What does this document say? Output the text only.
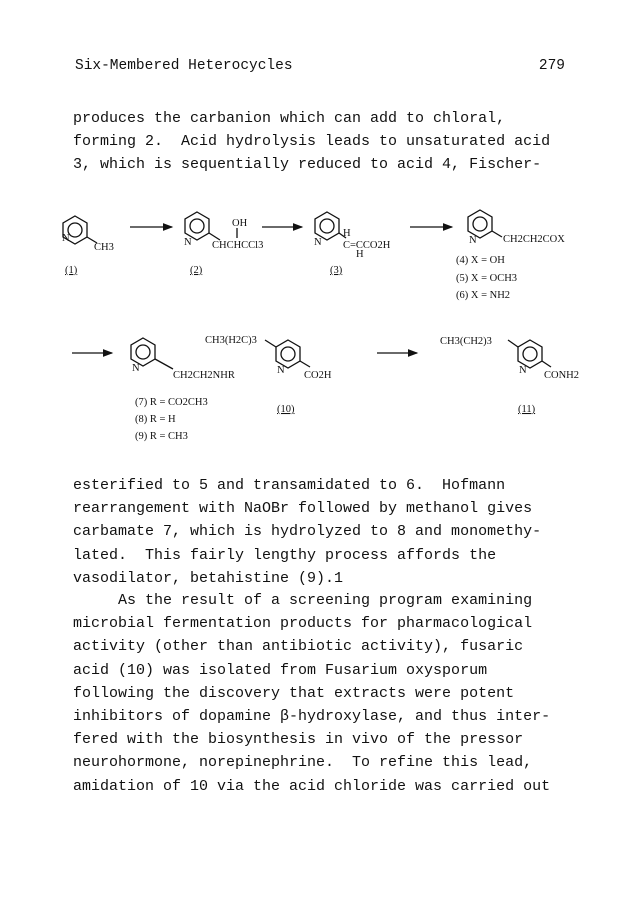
Six-Membered Heterocycles	279
produces the carbanion which can add to chloral,
forming 2.  Acid hydrolysis leads to unsaturated acid
3, which is sequentially reduced to acid 4, Fischer-
N
CH3
(1)
N
OH
CHCHCCl3
(2)
N
H
C=CCO2H
H
(3)
N	CH2CH2COX
(4) X = OH
(5) X = OCH3
(6) X = NH2
N
CH2CH2NHR
(7) R = CO2CH3
(8) R = H
(9) R = CH3
CH3(H2C)3
N CO2H
(10)
CH3(CH2)3
N CONH2
(11)
esterified to 5 and transamidated to 6.  Hofmann
rearrangement with NaOBr followed by methanol gives
carbamate 7, which is hydrolyzed to 8 and monomethy-
lated.  This fairly lengthy process affords the
vasodilator, betahistine (9).1
As the result of a screening program examining
microbial fermentation products for pharmacological
activity (other than antibiotic activity), fusaric
acid (10) was isolated from Fusarium oxysporum
following the discovery that extracts were potent
inhibitors of dopamine β-hydroxylase, and thus inter-
fered with the biosynthesis in vivo of the pressor
neurohormone, norepinephrine.  To refine this lead,
amidation of 10 via the acid chloride was carried out
